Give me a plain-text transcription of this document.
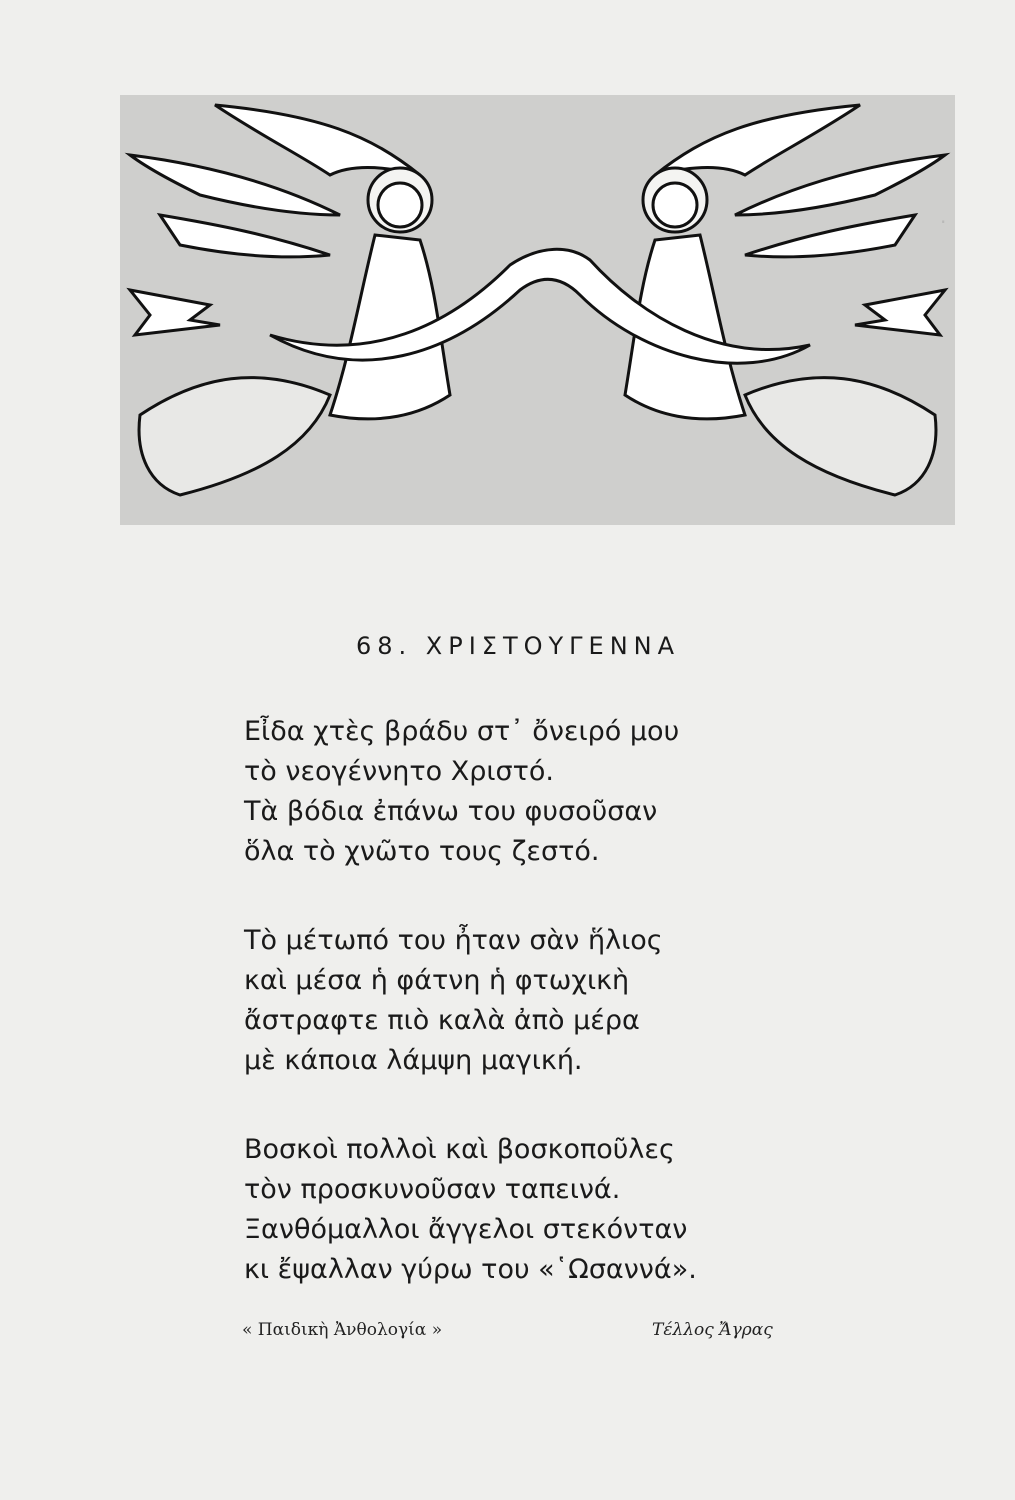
·
68. ΧΡΙΣΤΟΥΓΕΝΝΑ
Εἶδα χτὲς βράδυ στ᾽ ὄνειρό μου
τὸ νεογέννητο Χριστό.
Τὰ βόδια ἐπάνω του φυσοῦσαν
ὅλα τὸ χνῶτο τους ζεστό.
Τὸ μέτωπό του ἦταν σὰν ἥλιος
καὶ μέσα ἡ φάτνη ἡ φτωχικὴ
ἄστραφτε πιὸ καλὰ ἀπὸ μέρα
μὲ κάποια λάμψη μαγική.
Βοσκοὶ πολλοὶ καὶ βοσκοποῦλες
τὸν προσκυνοῦσαν ταπεινά.
Ξανθόμαλλοι ἄγγελοι στεκόνταν
κι ἔψαλλαν γύρω του «῾Ωσαννά».
« Παιδικὴ Ἀνθολογία »	Τέλλος Ἄγρας
